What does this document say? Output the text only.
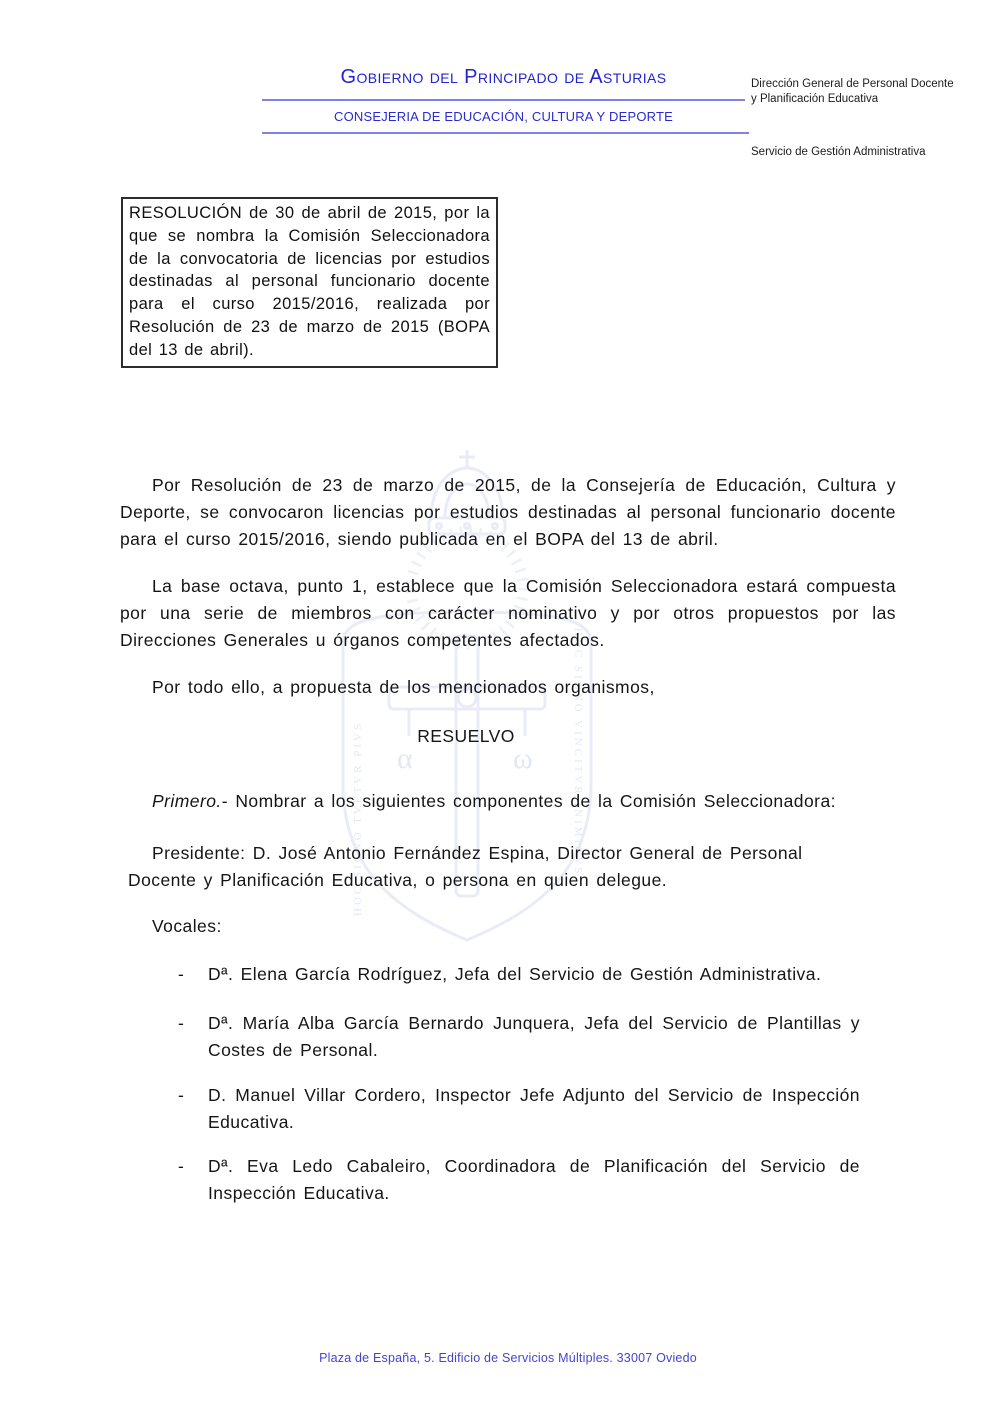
Gobierno del Principado de Asturias
CONSEJERIA DE EDUCACIÓN, CULTURA Y DEPORTE
Dirección General de Personal Docente
y Planificación Educativa
Servicio de Gestión Administrativa
RESOLUCIÓN de 30 de abril de 2015, por la que se nombra la Comisión Seleccionadora de la convocatoria de licencias por estudios destinadas al personal funcionario docente para el curso 2015/2016, realizada por Resolución de 23 de marzo de 2015 (BOPA del 13 de abril).
α	ω
HOC SIGNO TVETVR PIVS	HOC SIGNO VINCITVR INIMICVS

Por Resolución de 23 de marzo de 2015, de la Consejería de Educación, Cultura y Deporte, se convocaron licencias por estudios destinadas al personal funcionario docente para el curso 2015/2016, siendo publicada en el BOPA del 13 de abril.

La base octava, punto 1, establece que la Comisión Seleccionadora estará compuesta por una serie de miembros con carácter nominativo y por otros propuestos por las Direcciones Generales u órganos competentes afectados.

Por todo ello, a propuesta de los mencionados organismos,

RESUELVO

Primero.- Nombrar a los siguientes componentes de la Comisión Seleccionadora:

Presidente: D. José Antonio Fernández Espina, Director General de Personal
Docente y Planificación Educativa, o persona en quien delegue.

Vocales:

-	Dª. Elena García Rodríguez, Jefa del Servicio de Gestión Administrativa.
-	Dª. María Alba García Bernardo Junquera, Jefa del Servicio de Plantillas y Costes de Personal.
-	D. Manuel Villar Cordero, Inspector Jefe Adjunto del Servicio de Inspección Educativa.
-	Dª. Eva Ledo Cabaleiro, Coordinadora de Planificación del Servicio de Inspección Educativa.
Plaza de España, 5. Edificio de Servicios Múltiples. 33007 Oviedo
